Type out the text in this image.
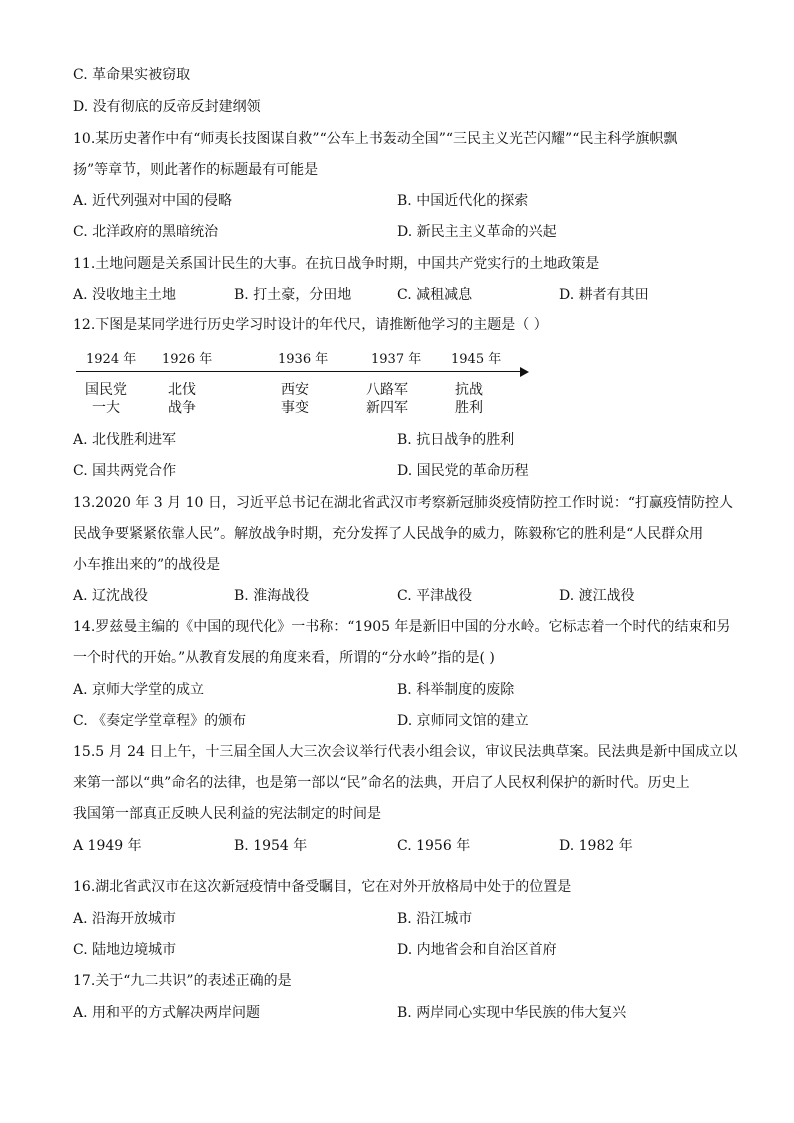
C. 革命果实被窃取
D. 没有彻底的反帝反封建纲领
10.某历史著作中有“师夷长技图谋自救”“公车上书轰动全国”“三民主义光芒闪耀”“民主科学旗帜飘
扬”等章节，则此著作的标题最有可能是
A. 近代列强对中国的侵略	B. 中国近代化的探索
C. 北洋政府的黑暗统治	D. 新民主主义革命的兴起
11.土地问题是关系国计民生的大事。在抗日战争时期，中国共产党实行的土地政策是
A. 没收地主土地	B. 打土豪，分田地	C. 减租减息	D. 耕者有其田
12.下图是某同学进行历史学习时设计的年代尺，请推断他学习的主题是（ ）
1924 年 1926 年	1936 年	1937 年 1945 年
国民党
一大
北伐
战争
西安
事变
八路军
新四军
抗战
胜利
A. 北伐胜利进军	B. 抗日战争的胜利
C. 国共两党合作	D. 国民党的革命历程
13.2020 年 3 月 10 日，习近平总书记在湖北省武汉市考察新冠肺炎疫情防控工作时说：“打赢疫情防控人
民战争要紧紧依靠人民”。解放战争时期，充分发挥了人民战争的威力，陈毅称它的胜利是“人民群众用
小车推出来的”的战役是
A. 辽沈战役	B. 淮海战役	C. 平津战役	D. 渡江战役
14.罗兹曼主编的《中国的现代化》一书称：“1905 年是新旧中国的分水岭。它标志着一个时代的结束和另
一个时代的开始。”从教育发展的角度来看，所谓的“分水岭”指的是( )
A. 京师大学堂的成立	B. 科举制度的废除
C. 《奏定学堂章程》的颁布	D. 京师同文馆的建立
15.5 月 24 日上午，十三届全国人大三次会议举行代表小组会议，审议民法典草案。民法典是新中国成立以
来第一部以“典”命名的法律，也是第一部以“民”命名的法典，开启了人民权利保护的新时代。历史上
我国第一部真正反映人民利益的宪法制定的时间是
A 1949 年	B. 1954 年	C. 1956 年	D. 1982 年
16.湖北省武汉市在这次新冠疫情中备受瞩目，它在对外开放格局中处于的位置是
A. 沿海开放城市	B. 沿江城市
C. 陆地边境城市	D. 内地省会和自治区首府
17.关于“九二共识”的表述正确的是
A. 用和平的方式解决两岸问题	B. 两岸同心实现中华民族的伟大复兴
